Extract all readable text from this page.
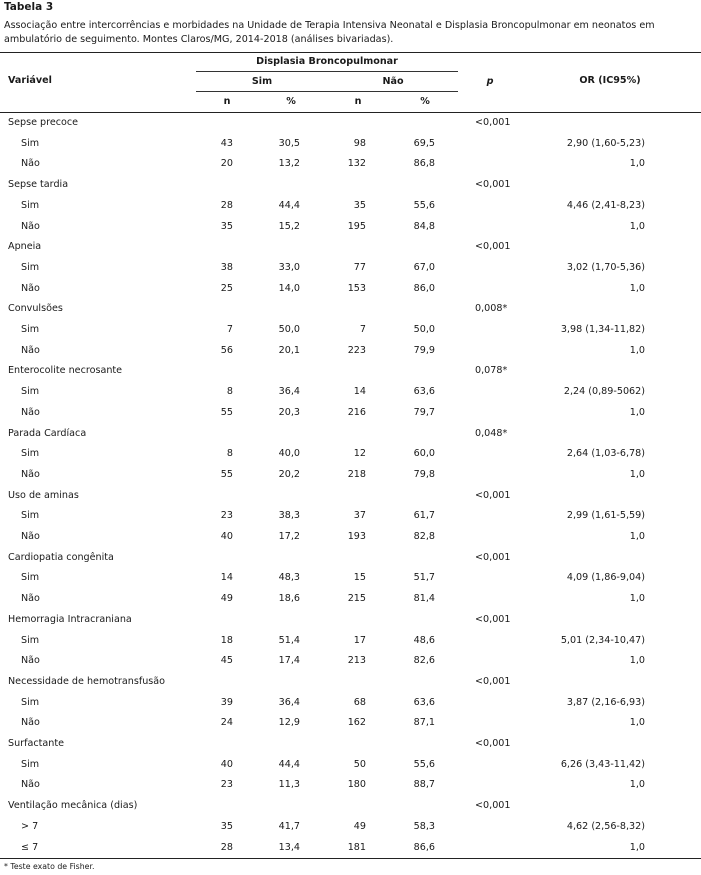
Tabela 3
Associação entre intercorrências e morbidades na Unidade de Terapia Intensiva Neonatal e Displasia Broncopulmonar em neonatos em ambulatório de seguimento. Montes Claros/MG, 2014-2018 (análises bivariadas).
Variável
Displasia Broncopulmonar
Sim	Não
n	%	n	%
p	OR (IC95%)
Sepse precoce	<0,001
Sim	43	30,5	98	69,5	2,90 (1,60-5,23)
Não	20	13,2	132	86,8	1,0
Sepse tardia	<0,001
Sim	28	44,4	35	55,6	4,46 (2,41-8,23)
Não	35	15,2	195	84,8	1,0
Apneia	<0,001
Sim	38	33,0	77	67,0	3,02 (1,70-5,36)
Não	25	14,0	153	86,0	1,0
Convulsões	0,008*
Sim	7	50,0	7	50,0	3,98 (1,34-11,82)
Não	56	20,1	223	79,9	1,0
Enterocolite necrosante	0,078*
Sim	8	36,4	14	63,6	2,24 (0,89-5062)
Não	55	20,3	216	79,7	1,0
Parada Cardíaca	0,048*
Sim	8	40,0	12	60,0	2,64 (1,03-6,78)
Não	55	20,2	218	79,8	1,0
Uso de aminas	<0,001
Sim	23	38,3	37	61,7	2,99 (1,61-5,59)
Não	40	17,2	193	82,8	1,0
Cardiopatia congênita	<0,001
Sim	14	48,3	15	51,7	4,09 (1,86-9,04)
Não	49	18,6	215	81,4	1,0
Hemorragia Intracraniana	<0,001
Sim	18	51,4	17	48,6	5,01 (2,34-10,47)
Não	45	17,4	213	82,6	1,0
Necessidade de hemotransfusão	<0,001
Sim	39	36,4	68	63,6	3,87 (2,16-6,93)
Não	24	12,9	162	87,1	1,0
Surfactante	<0,001
Sim	40	44,4	50	55,6	6,26 (3,43-11,42)
Não	23	11,3	180	88,7	1,0
Ventilação mecânica (dias)	<0,001
> 7	35	41,7	49	58,3	4,62 (2,56-8,32)
≤ 7	28	13,4	181	86,6	1,0
* Teste exato de Fisher.
